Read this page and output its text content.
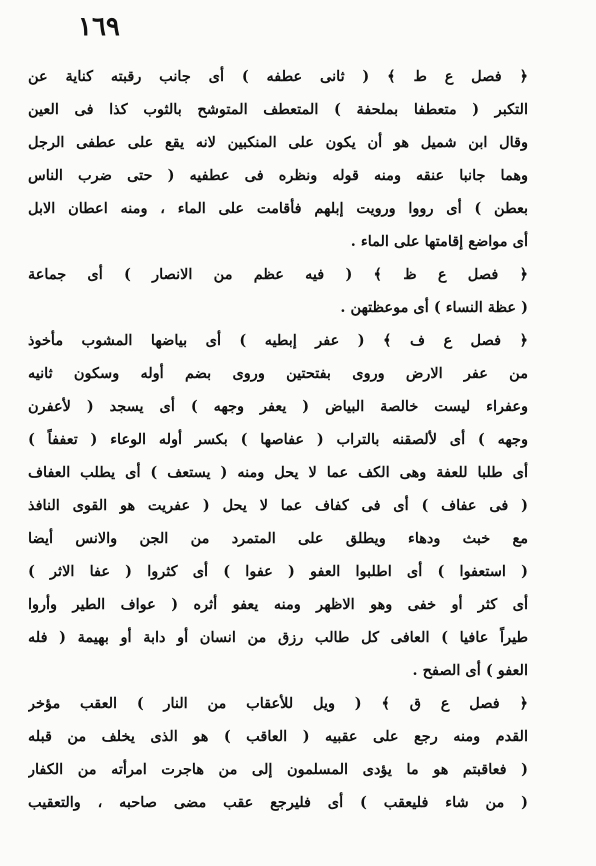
١٦٩
﴿ فصل ع ط ﴾ ( ثانى عطفه ) أى جانب رقبته كناية عن
التكبر ( متعطفا بملحفة ) المتعطف المتوشح بالثوب كذا فى العين
وقال ابن شميل هو أن يكون على المنكبين لانه يقع على عطفى الرجل
وهما جانبا عنقه ومنه قوله ونظره فى عطفيه ( حتى ضرب الناس
بعطن ) أى رووا ورويت إبلهم فأقامت على الماء ، ومنه اعطان الابل
أى مواضع إقامتها على الماء .
﴿ فصل ع ظ ﴾ ( فيه عظم من الانصار ) أى جماعة
( عظة النساء ) أى موعظتهن .
﴿ فصل ع ف ﴾ ( عفر إبطيه ) أى بياضها المشوب مأخوذ
من عفر الارض وروى بفتحتين وروى بضم أوله وسكون ثانيه
وعفراء ليست خالصة البياض ( يعفر وجهه ) أى يسجد ( لأعفرن
وجهه ) أى لألصقنه بالتراب ( عفاصها ) بكسر أوله الوعاء ( تعففاً )
أى طلبا للعفة وهى الكف عما لا يحل ومنه ( يستعف ) أى يطلب العفاف
( فى عفاف ) أى فى كفاف عما لا يحل ( عفريت هو القوى النافذ
مع خبث ودهاء ويطلق على المتمرد من الجن والانس أيضا
( استعفوا ) أى اطلبوا العفو ( عفوا ) أى كثروا ( عفا الاثر )
أى كثر أو خفى وهو الاظهر ومنه يعفو أثره ( عواف الطير وأروا
طيراً عافيا ) العافى كل طالب رزق من انسان أو دابة أو بهيمة ( فله
العفو ) أى الصفح .
﴿ فصل ع ق ﴾ ( ويل للأعقاب من النار ) العقب مؤخر
القدم ومنه رجع على عقبيه ( العاقب ) هو الذى يخلف من قبله
( فعاقبتم هو ما يؤدى المسلمون إلى من هاجرت امرأته من الكفار
( من شاء فليعقب ) أى فليرجع عقب مضى صاحبه ، والتعقيب
